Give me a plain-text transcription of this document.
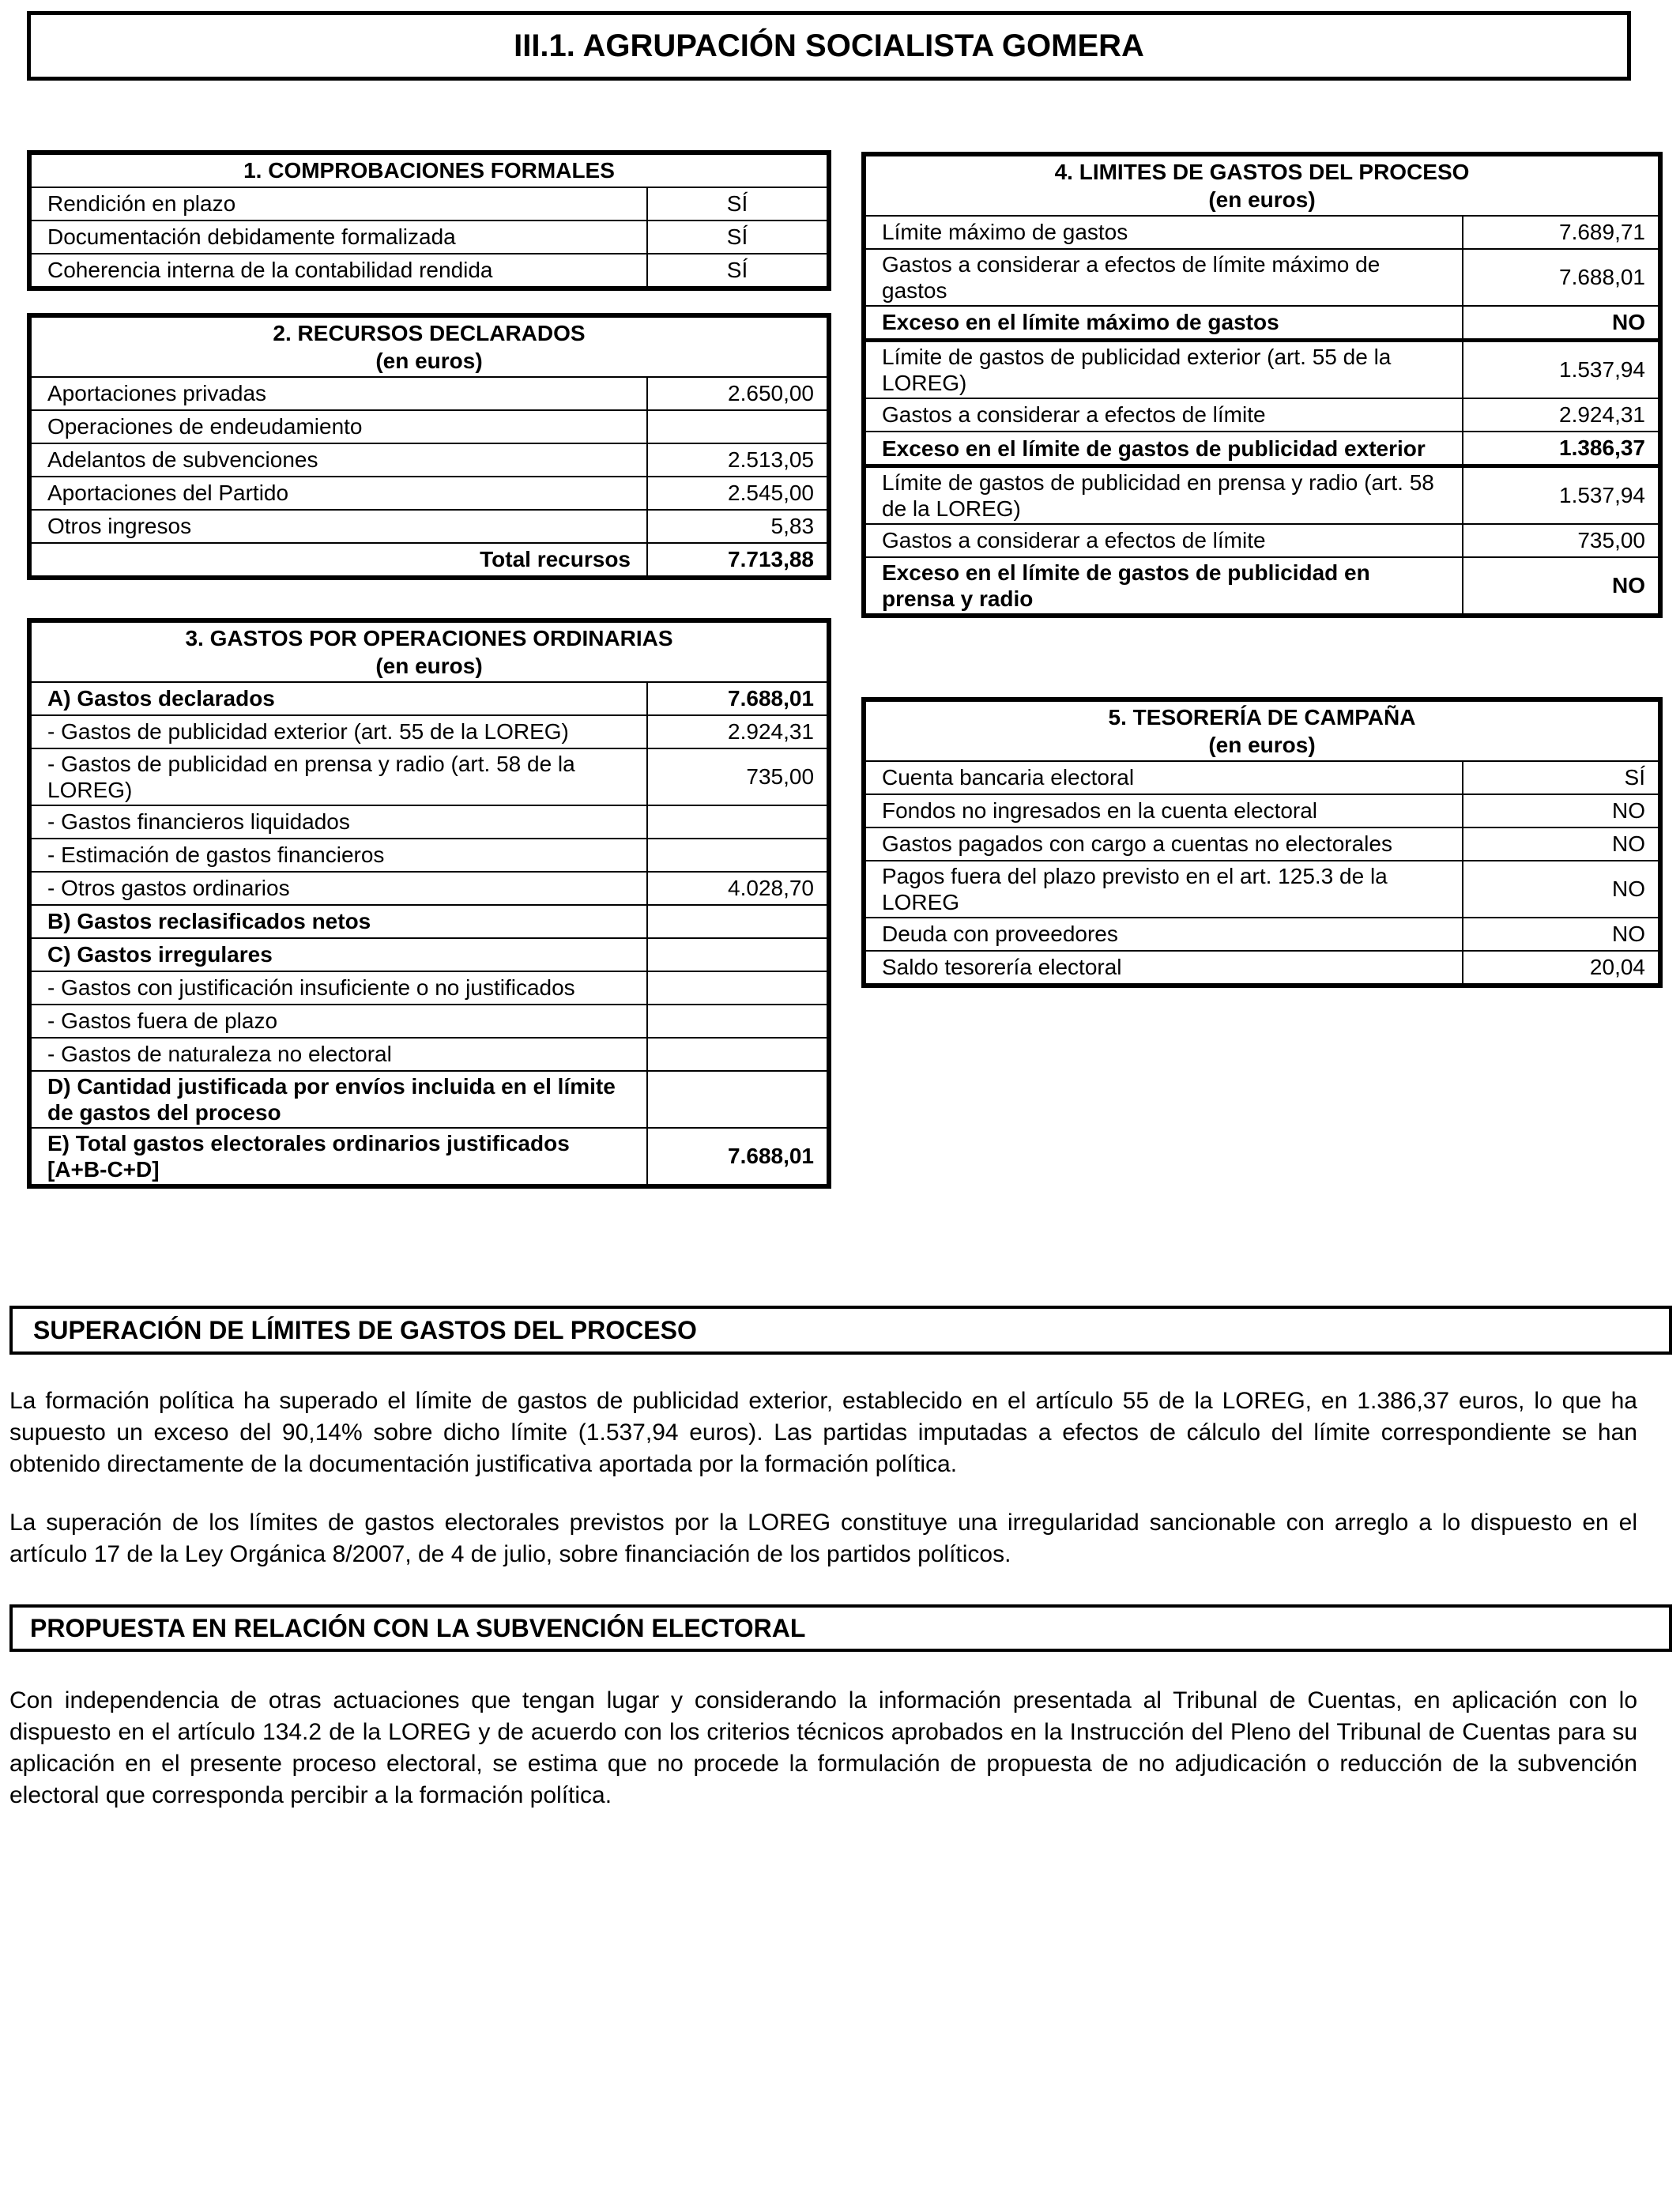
III.1. AGRUPACIÓN SOCIALISTA GOMERA
1. COMPROBACIONES FORMALES	
Rendición en plazo	SÍ
Documentación debidamente formalizada	SÍ
Coherencia interna de la contabilidad rendida	SÍ
2. RECURSOS DECLARADOS
(en euros)	

Aportaciones privadas	2.650,00
Operaciones de endeudamiento	
Adelantos de subvenciones	2.513,05
Aportaciones del Partido	2.545,00
Otros ingresos	5,83
Total recursos	7.713,88
3. GASTOS POR OPERACIONES ORDINARIAS
(en euros)	

A) Gastos declarados	7.688,01
- Gastos de publicidad exterior (art. 55 de la LOREG)	2.924,31
- Gastos de publicidad en prensa y radio (art. 58 de la LOREG)	735,00
- Gastos financieros liquidados	
- Estimación de gastos financieros	
- Otros gastos ordinarios	4.028,70
B) Gastos reclasificados netos	
C) Gastos irregulares	
- Gastos con justificación insuficiente o no justificados	
- Gastos fuera de plazo	
- Gastos de naturaleza no electoral	
D) Cantidad justificada por envíos incluida en el límite de gastos del proceso	
E) Total gastos electorales ordinarios justificados [A+B-C+D]	7.688,01
4. LIMITES DE GASTOS DEL PROCESO
(en euros)	

Límite máximo de gastos	7.689,71
Gastos a considerar a efectos de límite máximo de gastos	7.688,01
Exceso en el límite máximo de gastos	NO
Límite de gastos de publicidad exterior (art. 55 de la LOREG)	1.537,94
Gastos a considerar a efectos de límite	2.924,31
Exceso en el límite de gastos de publicidad exterior	1.386,37
Límite de gastos de publicidad en prensa y radio (art. 58 de la LOREG)	1.537,94
Gastos a considerar a efectos de límite	735,00
Exceso en el límite de gastos de publicidad en prensa y radio	NO
5. TESORERÍA DE CAMPAÑA
(en euros)	

Cuenta bancaria electoral	SÍ
Fondos no ingresados en la cuenta electoral	NO
Gastos pagados con cargo a cuentas no electorales	NO
Pagos fuera del plazo previsto en el art. 125.3 de la LOREG	NO
Deuda con proveedores	NO
Saldo tesorería electoral	20,04
SUPERACIÓN DE LÍMITES DE GASTOS DEL PROCESO

La formación política ha superado el límite de gastos de publicidad exterior, establecido en el artículo 55 de la LOREG, en 1.386,37 euros, lo que ha supuesto un exceso del 90,14% sobre dicho límite (1.537,94 euros). Las partidas imputadas a efectos de cálculo del límite correspondiente se han obtenido directamente de la documentación justificativa aportada por la formación política.

La superación de los límites de gastos electorales previstos por la LOREG constituye una irregularidad sancionable con arreglo a lo dispuesto en el artículo 17 de la Ley Orgánica 8/2007, de 4 de julio, sobre financiación de los partidos políticos.

PROPUESTA EN RELACIÓN CON LA SUBVENCIÓN ELECTORAL

Con independencia de otras actuaciones que tengan lugar y considerando la información presentada al Tribunal de Cuentas, en aplicación con lo dispuesto en el artículo 134.2 de la LOREG y de acuerdo con los criterios técnicos aprobados en la Instrucción del Pleno del Tribunal de Cuentas para su aplicación en el presente proceso electoral, se estima que no procede la formulación de propuesta de no adjudicación o reducción de la subvención electoral que corresponda percibir a la formación política.
